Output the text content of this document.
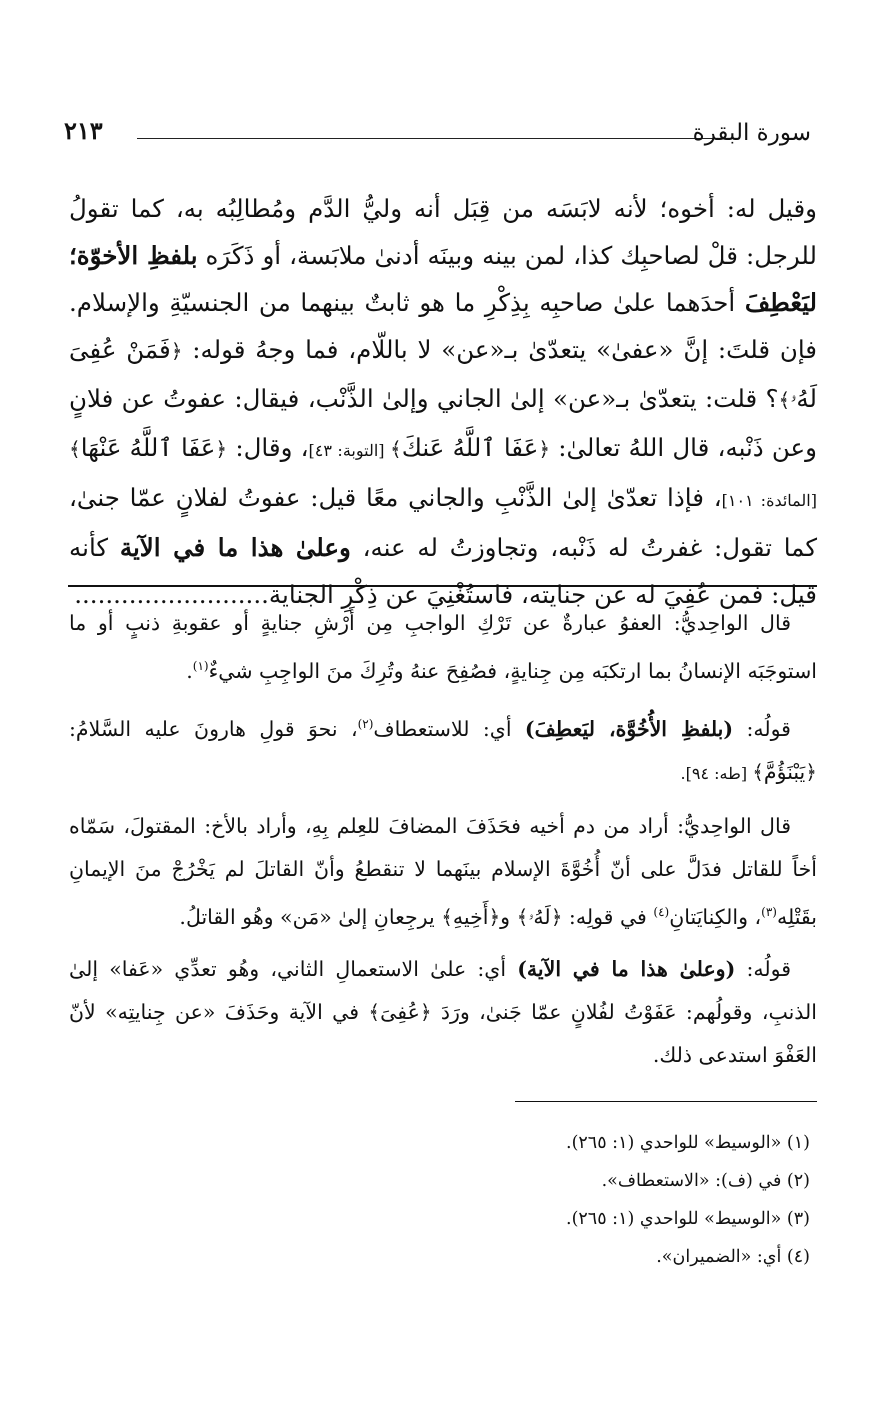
٢١٣	سورة البقرة

وقيل له: أخوه؛ لأنه لابَسَه من قِبَل أنه وليُّ الدَّم ومُطالِبُه به، كما تقولُ للرجل: قلْ لصاحبِك كذا، لمن بينه وبينَه أدنىٰ ملابَسة، أو ذَكَرَه بلفظِ الأخوّة؛ ليَعْطِفَ أحدَهما علىٰ صاحبِه بِذِكْرِ ما هو ثابتٌ بينهما من الجنسيّةِ والإسلام. فإن قلتَ: إنَّ «عفىٰ» يتعدّىٰ بـ«عن» لا باللّام، فما وجهُ قوله: ﴿فَمَنْ عُفِىَ لَهُۥ﴾؟ قلت: يتعدّىٰ بـ«عن» إلىٰ الجاني وإلىٰ الذَّنْب، فيقال: عفوتُ عن فلانٍ وعن ذَنْبه، قال اللهُ تعالىٰ: ﴿عَفَا ٱللَّهُ عَنكَ﴾ [التوبة: ٤٣]، وقال: ﴿عَفَا ٱللَّهُ عَنْهَا﴾ [المائدة: ١٠١]، فإذا تعدّىٰ إلىٰ الذَّنْبِ والجاني معًا قيل: عفوتُ لفلانٍ عمّا جنىٰ، كما تقول: غفرتُ له ذَنْبه، وتجاوزتُ له عنه، وعلىٰ هذا ما في الآية كأنه قيل: فمن عُفِيَ له عن جنايته، فاستُغْنِيَ عن ذِكْرِ الجناية.........................

قال الواحِديُّ: العفوُ عبارةٌ عن تَرْكِ الواجبِ مِن أَرْشِ جنايةٍ أو عقوبةِ ذنبٍ أو ما استوجَبَه الإنسانُ بما ارتكبَه مِن جِنايةٍ، فصُفِحَ عنهُ وتُرِكَ منَ الواجِبِ شيءٌ$^{(١)}$.

قولُه: (بلفظِ الأُخُوَّة، ليَعطِفَ) أي: للاستعطاف$^{(٢)}$، نحوَ قولِ هارونَ عليه السَّلامُ: ﴿يَبْنَؤُمَّ﴾ [طه: ٩٤].

قال الواحِديُّ: أراد من دم أخيه فحَذَفَ المضافَ للعِلم بِهِ، وأراد بالأخ: المقتولَ، سَمّاه أخاً للقاتل فدَلَّ على أنّ أُخُوَّةَ الإسلام بينَهما لا تنقطعُ وأنّ القاتلَ لم يَخْرُجْ منَ الإيمانِ بقَتْلِه$^{(٣)}$، والكِنايَتانِ$^{(٤)}$ في قولِه: ﴿لَهُۥ﴾ و﴿أَخِيهِ﴾ يرجِعانِ إلىٰ «مَن» وهُو القاتلُ.

قولُه: (وعلىٰ هذا ما في الآية) أي: علىٰ الاستعمالِ الثاني، وهُو تعدِّي «عَفا» إلىٰ الذنبِ، وقولُهم: عَفَوْتُ لفُلانٍ عمّا جَنىٰ، ورَدَ ﴿عُفِىَ﴾ في الآية وحَذَفَ «عن جِنايتِه» لأنّ العَفْوَ استدعى ذلك.

(١) «الوسيط» للواحدي (١: ٢٦٥).
(٢) في (ف): «الاستعطاف».
(٣) «الوسيط» للواحدي (١: ٢٦٥).
(٤) أي: «الضميران».
